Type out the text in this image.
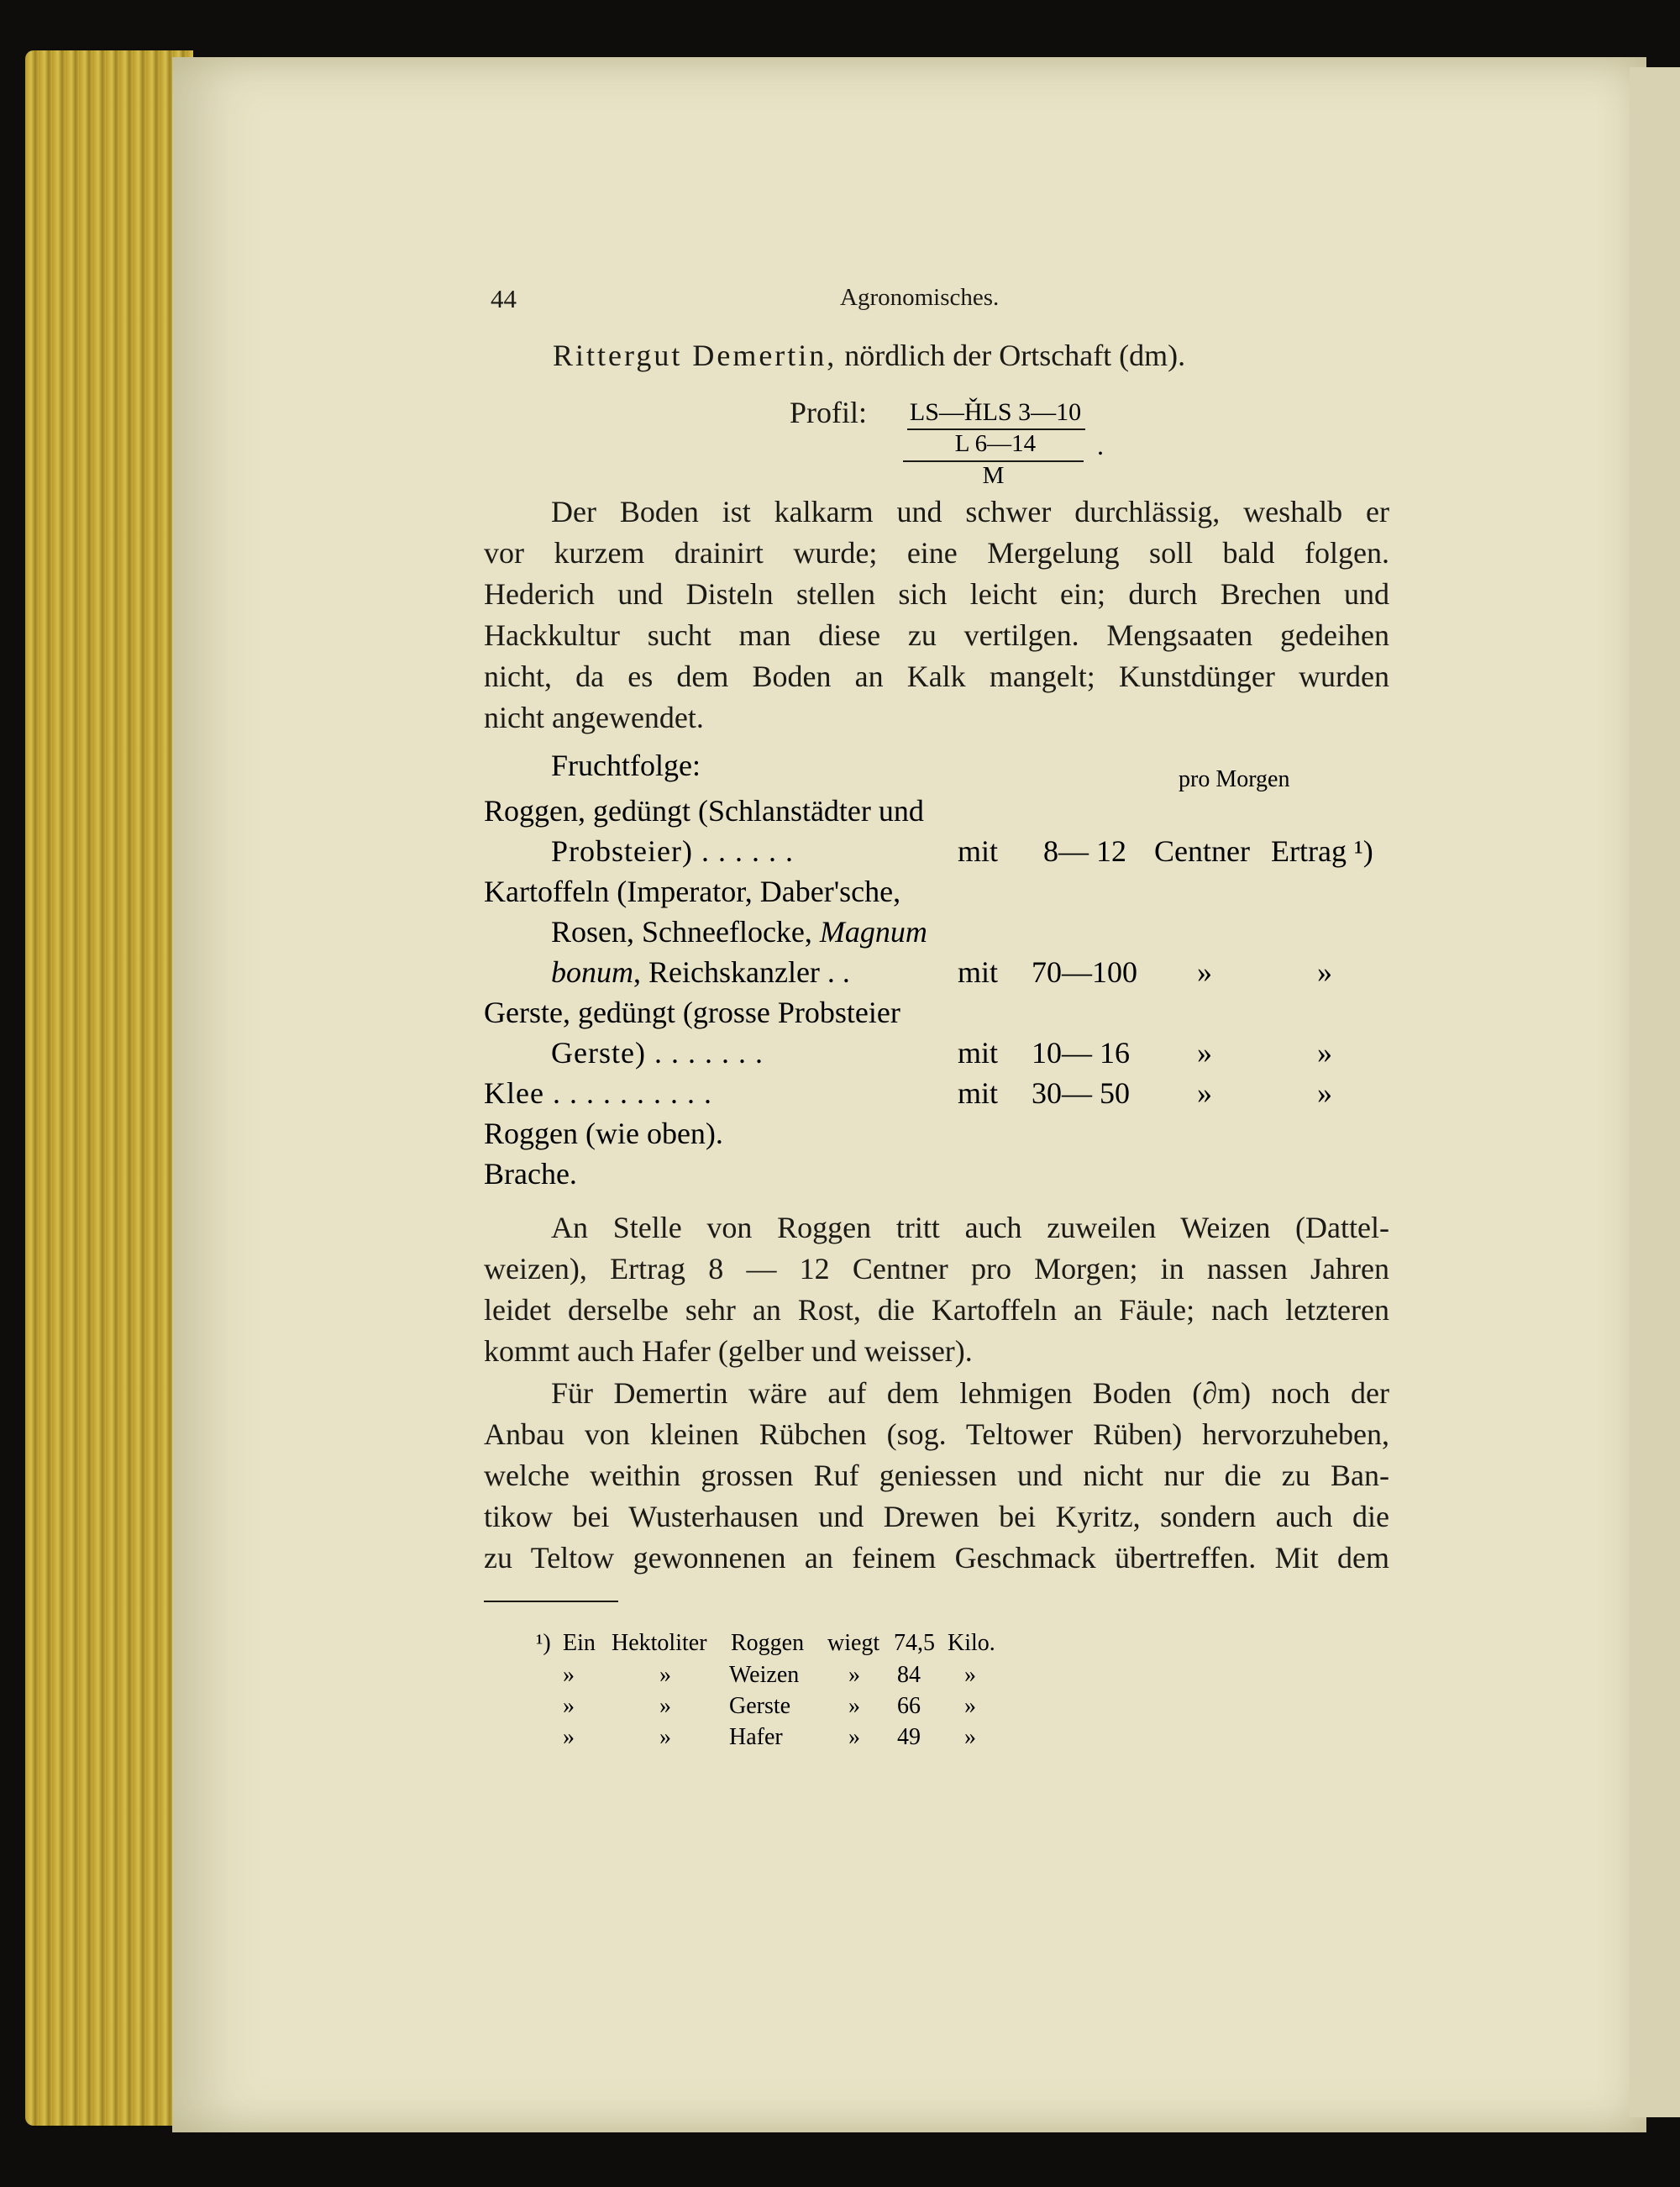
44	Agronomisches.
Rittergut Demertin, nördlich der Ortschaft (dm).
Profil: LS—ȞLS 3—10
L 6—14
M
.
Der Boden ist kalkarm und schwer durchlässig, weshalb er
vor kurzem drainirt wurde; eine Mergelung soll bald folgen.
Hederich und Disteln stellen sich leicht ein; durch Brechen und
Hackkultur sucht man diese zu vertilgen. Mengsaaten gedeihen
nicht, da es dem Boden an Kalk mangelt; Kunstdünger wurden
nicht angewendet.
Fruchtfolge:	pro Morgen
Roggen, gedüngt (Schlanstädter und
Probsteier) . . . . . .	mit 8— 12 Centner Ertrag ¹)
Kartoffeln (Imperator, Daber'sche,
Rosen, Schneeflocke, Magnum
bonum, Reichskanzler . .	mit 70—100 »	»
Gerste, gedüngt (grosse Probsteier
Gerste) . . . . . . .	mit 10— 16 »	»
Klee . . . . . . . . . .	mit 30— 50 »	»
Roggen (wie oben).
Brache.
An Stelle von Roggen tritt auch zuweilen Weizen (Dattel-
weizen), Ertrag 8 — 12 Centner pro Morgen; in nassen Jahren
leidet derselbe sehr an Rost, die Kartoffeln an Fäule; nach letzteren
kommt auch Hafer (gelber und weisser).
Für Demertin wäre auf dem lehmigen Boden (∂m) noch der
Anbau von kleinen Rübchen (sog. Teltower Rüben) hervorzuheben,
welche weithin grossen Ruf geniessen und nicht nur die zu Ban-
tikow bei Wusterhausen und Drewen bei Kyritz, sondern auch die
zu Teltow gewonnenen an feinem Geschmack übertreffen. Mit dem
¹) Ein Hektoliter Roggen wiegt 74,5 Kilo.
»	» Weizen » 84 »
»	» Gerste » 66 »
»	» Hafer	» 49 »
